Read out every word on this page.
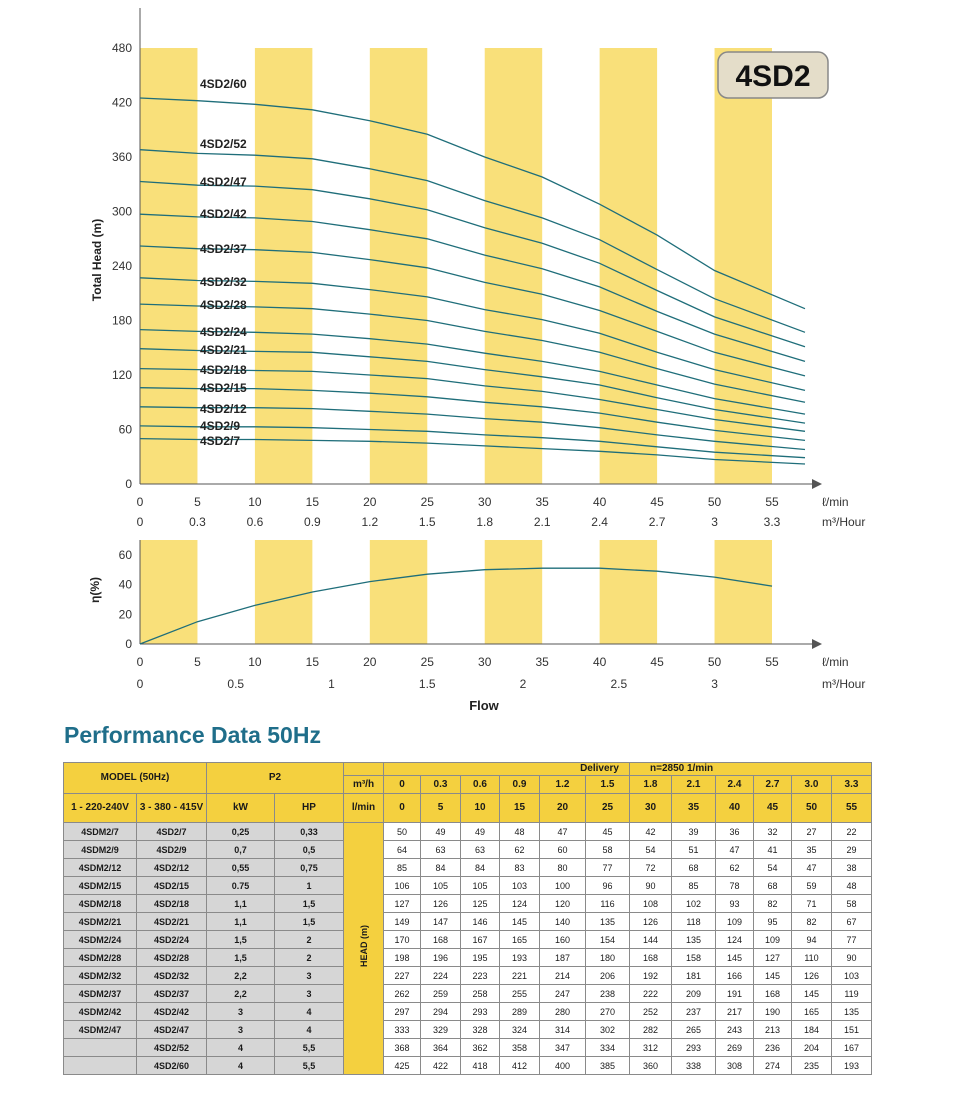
0
60
120
180
240
300
360
420
480
Total Head (m)
0	5	10	15	20	25	30	35	40	45	50	55	ℓ/min
0	0.3	0.6	0.9	1.2	1.5	1.8	2.1	2.4	2.7	3	3.3	m³/Hour
4SD2
4SD2/60
4SD2/52
4SD2/47
4SD2/42
4SD2/37
4SD2/32
4SD2/28
4SD2/24
4SD2/21
4SD2/18
4SD2/15
4SD2/12
4SD2/9
4SD2/7
0
20
40
60
η(%)
0	5	10	15	20	25	30	35	40	45	50	55	ℓ/min
0	0.5	1	1.5	2	2.5	3	m³/Hour
Flow
Performance Data 50Hz
MODEL (50Hz)		P2			Delivery						n=2850 1/min					
				m³/h	0	0.3	0.6	0.9	1.2	1.5	1.8	2.1	2.4	2.7	3.0	3.3
1 - 220-240V	3 - 380 - 415V	kW	HP	l/min	0	5	10	15	20	25	30	35	40	45	50	55
4SDM2/7	4SD2/7	0,25	0,33	HEAD (m)	50	49	49	48	47	45	42	39	36	32	27	22
4SDM2/9	4SD2/9	0,7	0,5		64	63	63	62	60	58	54	51	47	41	35	29
4SDM2/12	4SD2/12	0,55	0,75		85	84	84	83	80	77	72	68	62	54	47	38
4SDM2/15	4SD2/15	0.75	1		106	105	105	103	100	96	90	85	78	68	59	48
4SDM2/18	4SD2/18	1,1	1,5		127	126	125	124	120	116	108	102	93	82	71	58
4SDM2/21	4SD2/21	1,1	1,5		149	147	146	145	140	135	126	118	109	95	82	67
4SDM2/24	4SD2/24	1,5	2		170	168	167	165	160	154	144	135	124	109	94	77
4SDM2/28	4SD2/28	1,5	2		198	196	195	193	187	180	168	158	145	127	110	90
4SDM2/32	4SD2/32	2,2	3		227	224	223	221	214	206	192	181	166	145	126	103
4SDM2/37	4SD2/37	2,2	3		262	259	258	255	247	238	222	209	191	168	145	119
4SDM2/42	4SD2/42	3	4		297	294	293	289	280	270	252	237	217	190	165	135
4SDM2/47	4SD2/47	3	4		333	329	328	324	314	302	282	265	243	213	184	151
	4SD2/52	4	5,5		368	364	362	358	347	334	312	293	269	236	204	167
	4SD2/60	4	5,5		425	422	418	412	400	385	360	338	308	274	235	193
